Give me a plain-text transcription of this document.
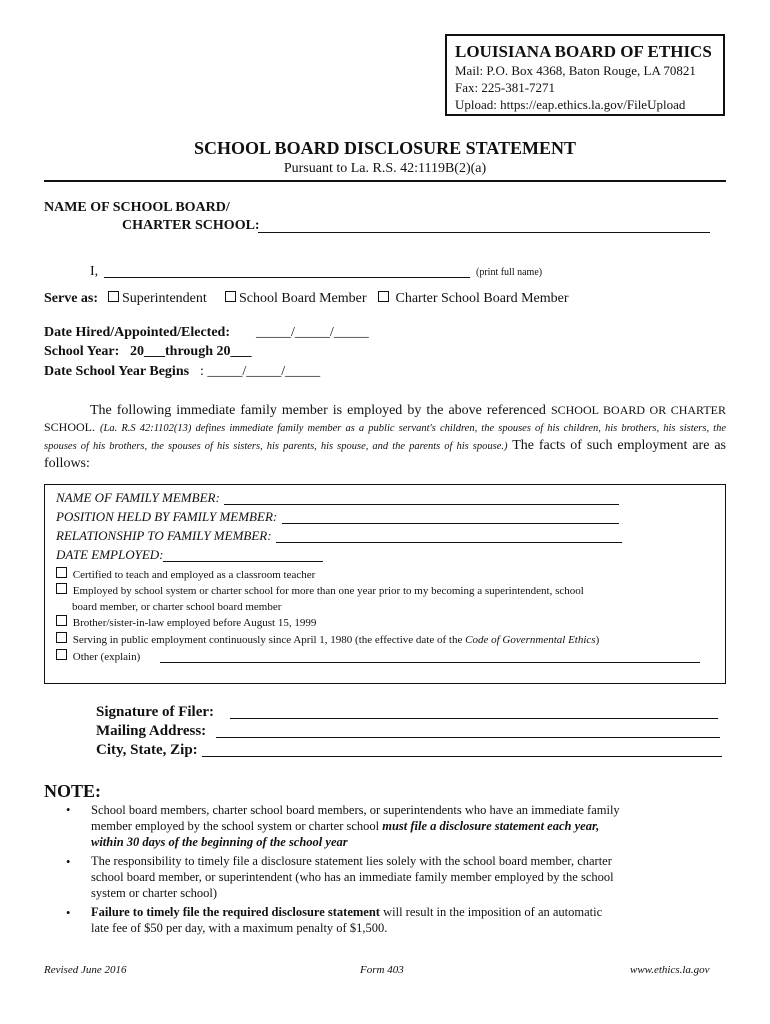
LOUISIANA BOARD OF ETHICS
Mail: P.O. Box 4368, Baton Rouge, LA 70821
Fax: 225-381-7271
Upload: https://eap.ethics.la.gov/FileUpload
SCHOOL BOARD DISCLOSURE STATEMENT
Pursuant to La. R.S. 42:1119B(2)(a)
NAME OF SCHOOL BOARD/
CHARTER SCHOOL:
I,	(print full name)
Serve as:	Superintendent	School Board Member	Charter School Board Member
Date Hired/Appointed/Elected: _____/_____/_____
School Year: 20___through 20___
Date School Year Begins : _____/_____/_____
The following immediate family member is employed by the above referenced SCHOOL BOARD OR CHARTER SCHOOL. (La. R.S 42:1102(13) defines immediate family member as a public servant's children, the spouses of his children, his brothers, his sisters, the spouses of his brothers, the spouses of his sisters, his parents, his spouse, and the parents of his spouse.) The facts of such employment are as follows:
NAME OF FAMILY MEMBER:
POSITION HELD BY FAMILY MEMBER:
RELATIONSHIP TO FAMILY MEMBER:
DATE EMPLOYED:
Certified to teach and employed as a classroom teacher
Employed by school system or charter school for more than one year prior to my becoming a superintendent, school
board member, or charter school board member
Brother/sister-in-law employed before August 15, 1999
Serving in public employment continuously since April 1, 1980 (the effective date of the Code of Governmental Ethics)
Other (explain)
Signature of Filer:
Mailing Address:
City, State, Zip:
NOTE:
• School board members, charter school board members, or superintendents who have an immediate family
member employed by the school system or charter school must file a disclosure statement each year,
within 30 days of the beginning of the school year
• The responsibility to timely file a disclosure statement lies solely with the school board member, charter
school board member, or superintendent (who has an immediate family member employed by the school
system or charter school)
• Failure to timely file the required disclosure statement will result in the imposition of an automatic
late fee of $50 per day, with a maximum penalty of $1,500.
Revised June 2016	Form 403	www.ethics.la.gov
